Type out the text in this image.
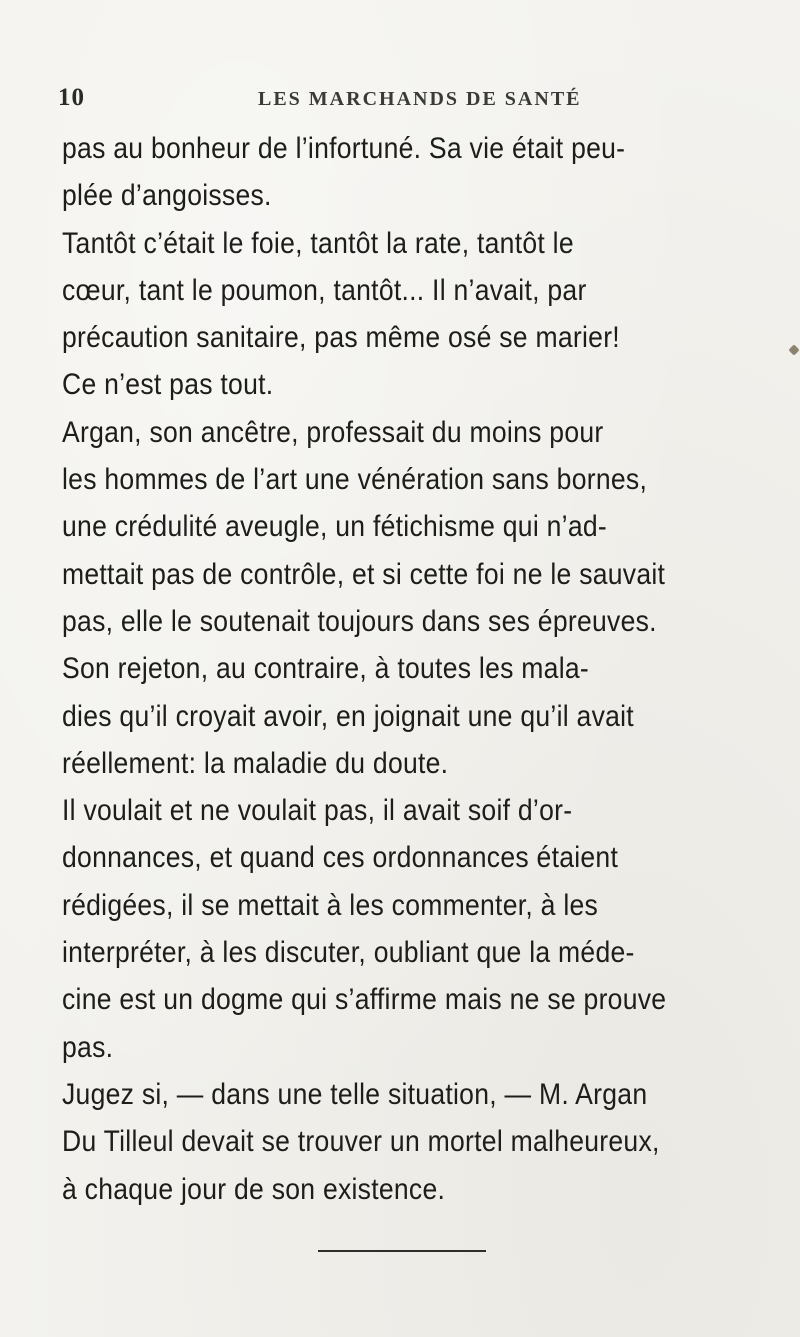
10	LES MARCHANDS DE SANTÉ
pas au bonheur de l’infortuné. Sa vie était peu-
plée d’angoisses.
Tantôt c’était le foie, tantôt la rate, tantôt le
cœur, tant le poumon, tantôt... Il n’avait, par
précaution sanitaire, pas même osé se marier!
Ce n’est pas tout.
Argan, son ancêtre, professait du moins pour
les hommes de l’art une vénération sans bornes,
une crédulité aveugle, un fétichisme qui n’ad-
mettait pas de contrôle, et si cette foi ne le sauvait
pas, elle le soutenait toujours dans ses épreuves.
Son rejeton, au contraire, à toutes les mala-
dies qu’il croyait avoir, en joignait une qu’il avait
réellement: la maladie du doute.
Il voulait et ne voulait pas, il avait soif d’or-
donnances, et quand ces ordonnances étaient
rédigées, il se mettait à les commenter, à les
interpréter, à les discuter, oubliant que la méde-
cine est un dogme qui s’affirme mais ne se prouve
pas.
Jugez si, — dans une telle situation, — M. Argan
Du Tilleul devait se trouver un mortel malheureux,
à chaque jour de son existence.
